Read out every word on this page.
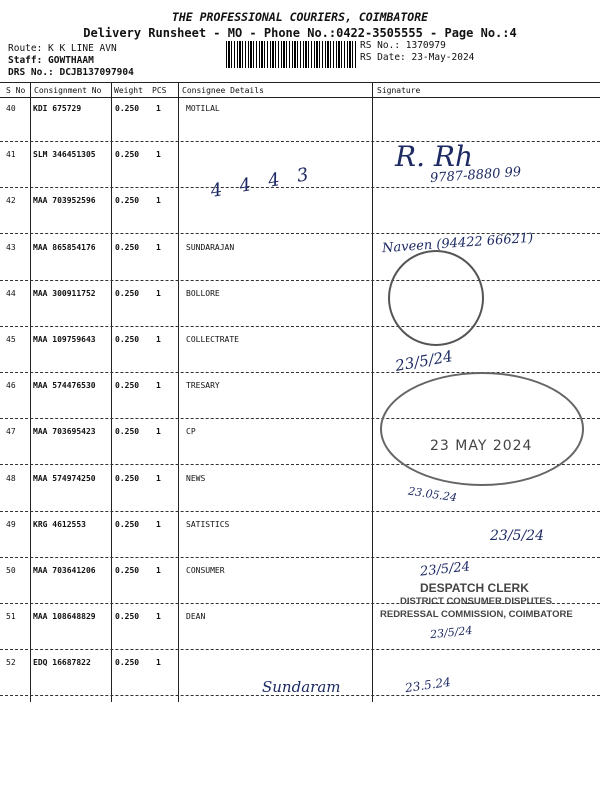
THE PROFESSIONAL COURIERS, COIMBATORE
Delivery Runsheet - MO - Phone No.:0422-3505555 - Page No.:4
Route: K K LINE AVN
Staff: GOWTHAAM
DRS No.: DCJB137097904
RS No.: 1370979
RS Date: 23-May-2024
S No Consignment No Weight PCS Consignee Details	Signature
40 KDI 675729	0.250 1	MOTILAL
41 SLM 346451305 0.250 1
42 MAA 703952596 0.250 1
43 MAA 865854176 0.250 1	SUNDARAJAN
44 MAA 300911752 0.250 1	BOLLORE
45 MAA 109759643 0.250 1	COLLECTRATE
46 MAA 574476530 0.250 1	TRESARY
47 MAA 703695423 0.250 1	CP
48 MAA 574974250 0.250 1	NEWS
49 KRG 4612553	0.250 1	SATISTICS
50 MAA 703641206 0.250 1	CONSUMER
51 MAA 108648829 0.250 1	DEAN
52 EDQ 16687822	0.250 1
R. Rh
9787-8880 99
4 4 4 3
Naveen (94422 66621)
23/5/24
23.05.24
23/5/24
23/5/24
23/5/24
Sundaram	23.5.24
23 MAY 2024
DESPATCH CLERK
DISTRICT CONSUMER DISPUTES
REDRESSAL COMMISSION, COIMBATORE
